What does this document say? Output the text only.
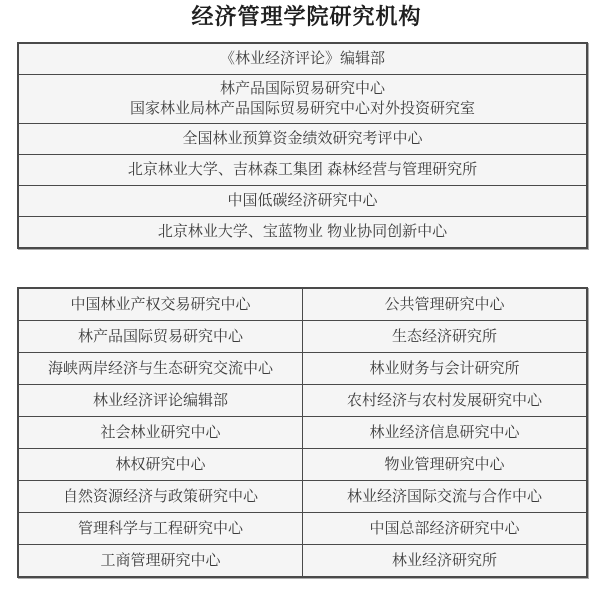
经济管理学院研究机构
《林业经济评论》编辑部

林产品国际贸易研究中心
国家林业局林产品国际贸易研究中心对外投资研究室

全国林业预算资金绩效研究考评中心

北京林业大学、吉林森工集团 森林经营与管理研究所

中国低碳经济研究中心

北京林业大学、宝蓝物业 物业协同创新中心
中国林业产权交易研究中心	公共管理研究中心
林产品国际贸易研究中心	生态经济研究所
海峡两岸经济与生态研究交流中心	林业财务与会计研究所
林业经济评论编辑部	农村经济与农村发展研究中心
社会林业研究中心	林业经济信息研究中心
林权研究中心	物业管理研究中心
自然资源经济与政策研究中心	林业经济国际交流与合作中心
管理科学与工程研究中心	中国总部经济研究中心
工商管理研究中心	林业经济研究所
